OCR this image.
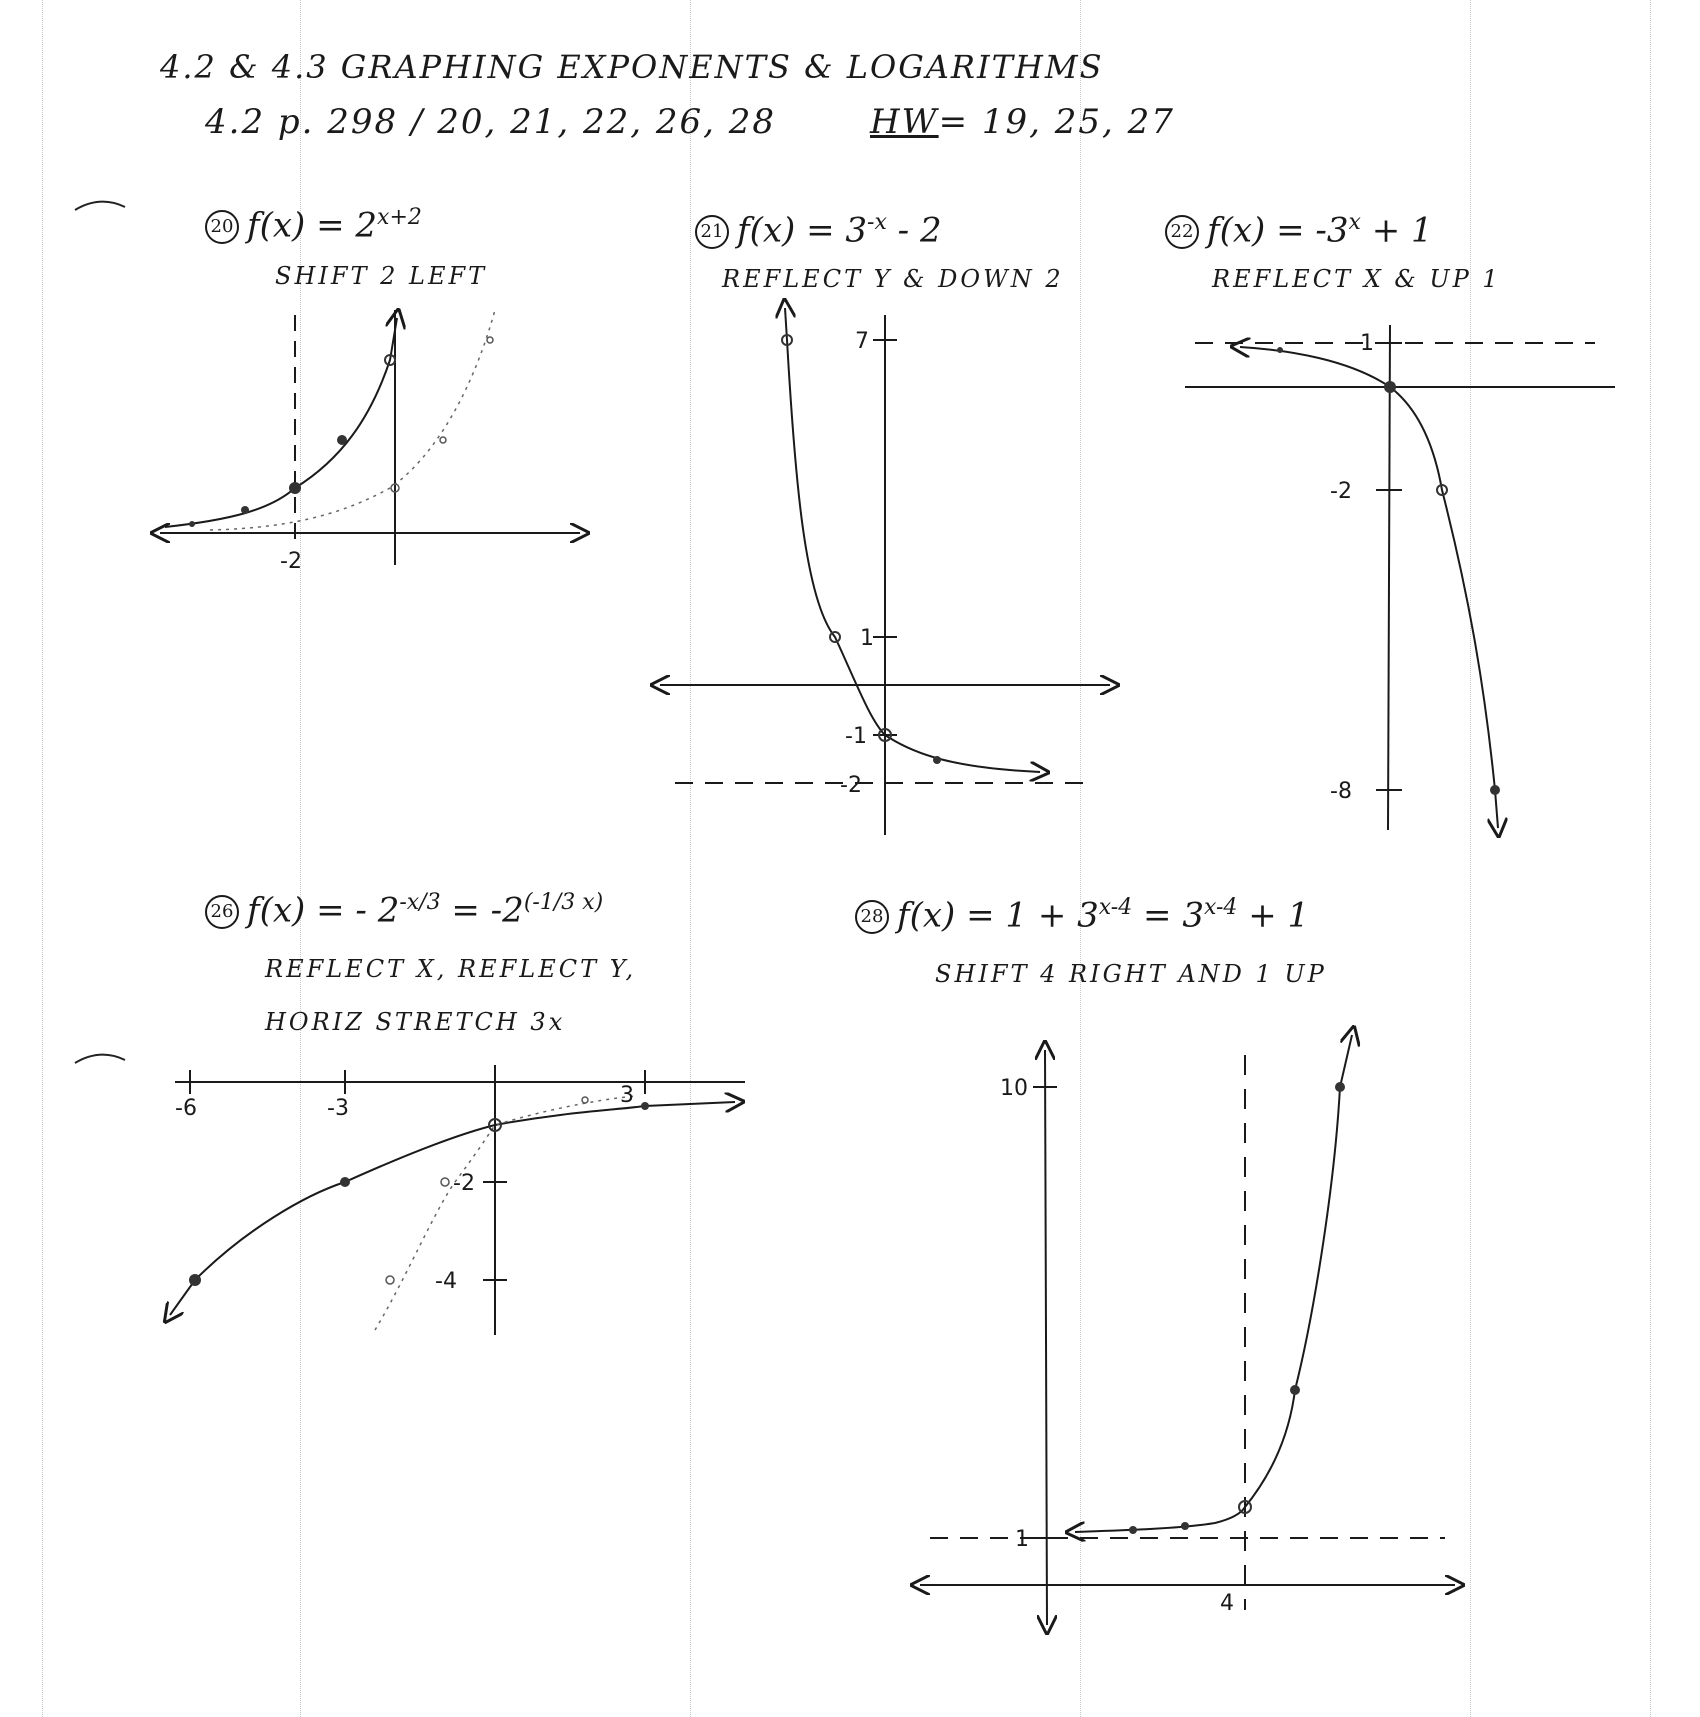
4.2 & 4.3 GRAPHING EXPONENTS & LOGARITHMS
4.2 p. 298 / 20, 21, 22, 26, 28	HW= 19, 25, 27
20 $f(x) = 2^{x+2}$
SHIFT 2 LEFT
-2
21 $f(x) = 3^{-x} - 2$
REFLECT Y & DOWN 2
7
1
-1
-2
22 $f(x) = -3^x + 1$
REFLECT X & UP 1
1
-2
-8
26 f(x) = - $2^{-x/3} = -2^{(-1/3 x)}$
REFLECT X, REFLECT Y,
HORIZ STRETCH 3x
-6	-3
3
-2
-4
28 $f(x) = 1 + 3^{x-4} = 3^{x-4} + 1$
SHIFT 4 RIGHT AND 1 UP
10
1
4
